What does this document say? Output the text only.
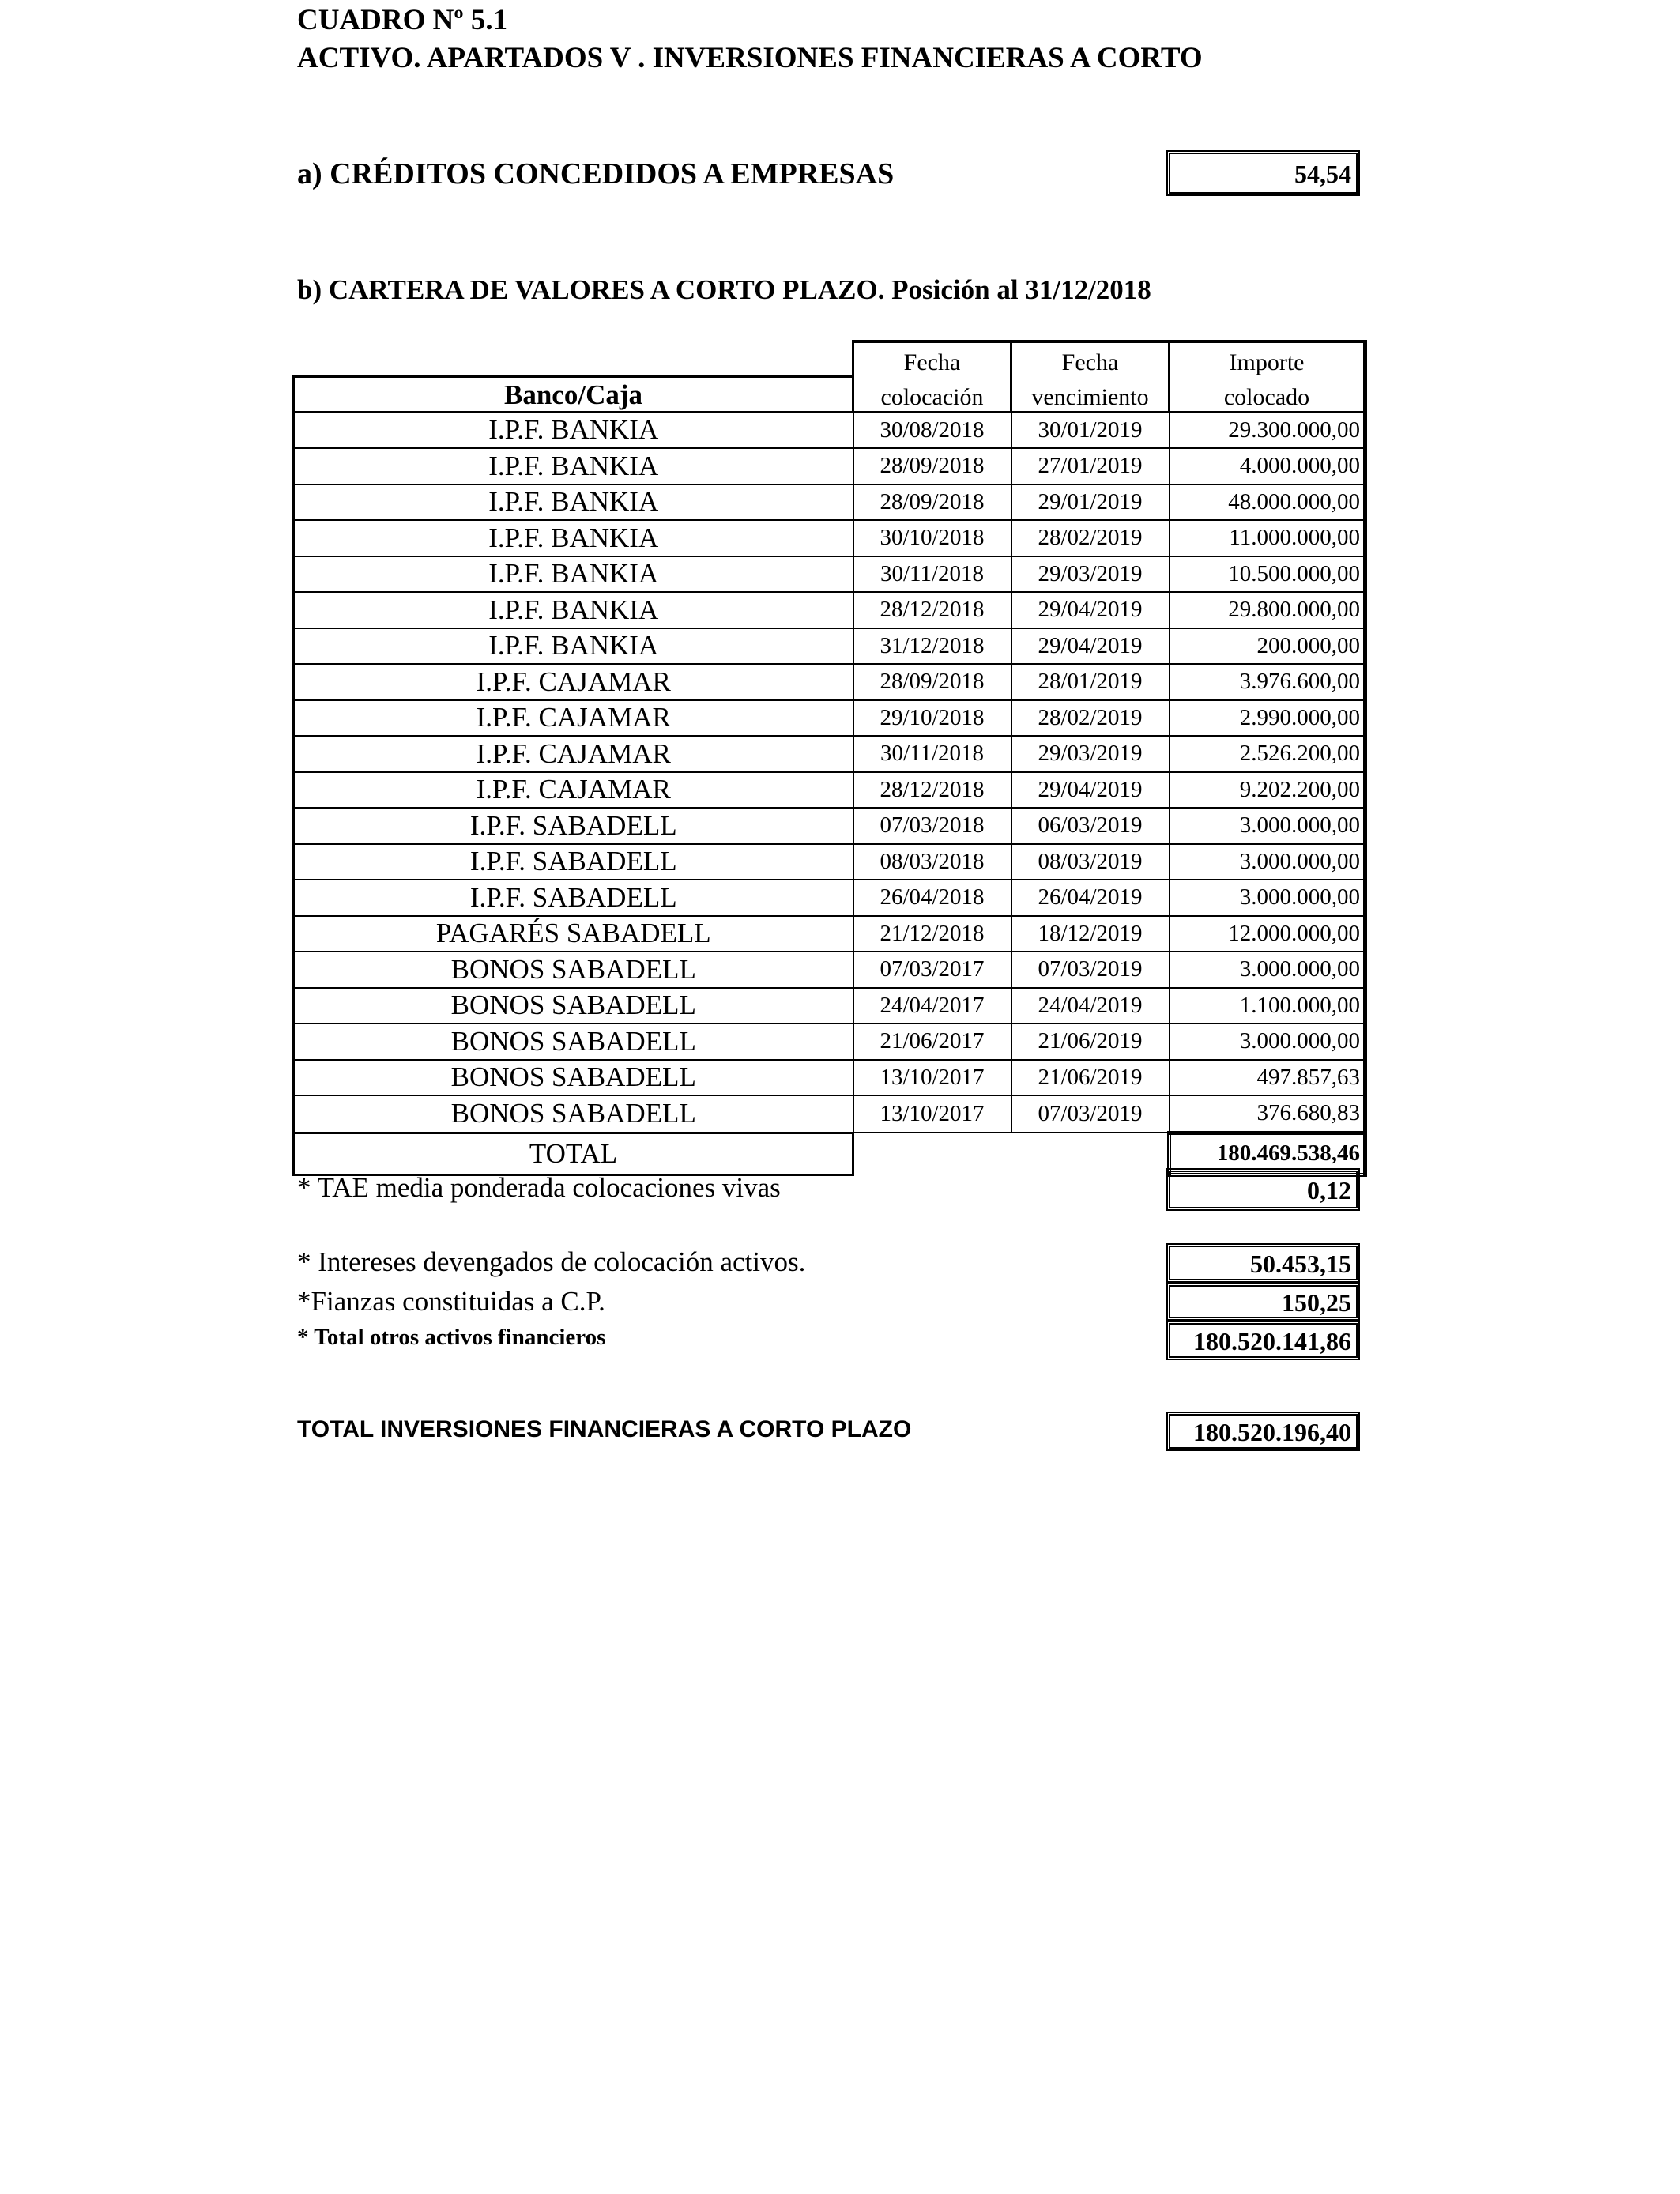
CUADRO Nº 5.1
ACTIVO. APARTADOS V . INVERSIONES FINANCIERAS A CORTO
a) CRÉDITOS CONCEDIDOS A EMPRESAS	54,54
b) CARTERA DE VALORES A CORTO PLAZO. Posición al 31/12/2018
	Fecha	Fecha	Importe
Banco/Caja	colocación	vencimiento	colocado
I.P.F. BANKIA	30/08/2018	30/01/2019	29.300.000,00
I.P.F. BANKIA	28/09/2018	27/01/2019	4.000.000,00
I.P.F. BANKIA	28/09/2018	29/01/2019	48.000.000,00
I.P.F. BANKIA	30/10/2018	28/02/2019	11.000.000,00
I.P.F. BANKIA	30/11/2018	29/03/2019	10.500.000,00
I.P.F. BANKIA	28/12/2018	29/04/2019	29.800.000,00
I.P.F. BANKIA	31/12/2018	29/04/2019	200.000,00
I.P.F. CAJAMAR	28/09/2018	28/01/2019	3.976.600,00
I.P.F. CAJAMAR	29/10/2018	28/02/2019	2.990.000,00
I.P.F. CAJAMAR	30/11/2018	29/03/2019	2.526.200,00
I.P.F. CAJAMAR	28/12/2018	29/04/2019	9.202.200,00
I.P.F. SABADELL	07/03/2018	06/03/2019	3.000.000,00
I.P.F. SABADELL	08/03/2018	08/03/2019	3.000.000,00
I.P.F. SABADELL	26/04/2018	26/04/2019	3.000.000,00
PAGARÉS SABADELL	21/12/2018	18/12/2019	12.000.000,00
BONOS SABADELL	07/03/2017	07/03/2019	3.000.000,00
BONOS SABADELL	24/04/2017	24/04/2019	1.100.000,00
BONOS SABADELL	21/06/2017	21/06/2019	3.000.000,00
BONOS SABADELL	13/10/2017	21/06/2019	497.857,63
BONOS SABADELL	13/10/2017	07/03/2019	376.680,83
TOTAL			180.469.538,46
* TAE media ponderada colocaciones vivas	0,12
* Intereses devengados de colocación activos.	50.453,15
*Fianzas constituidas a C.P.	150,25
* Total otros activos financieros	180.520.141,86
TOTAL INVERSIONES FINANCIERAS A CORTO PLAZO	180.520.196,40
